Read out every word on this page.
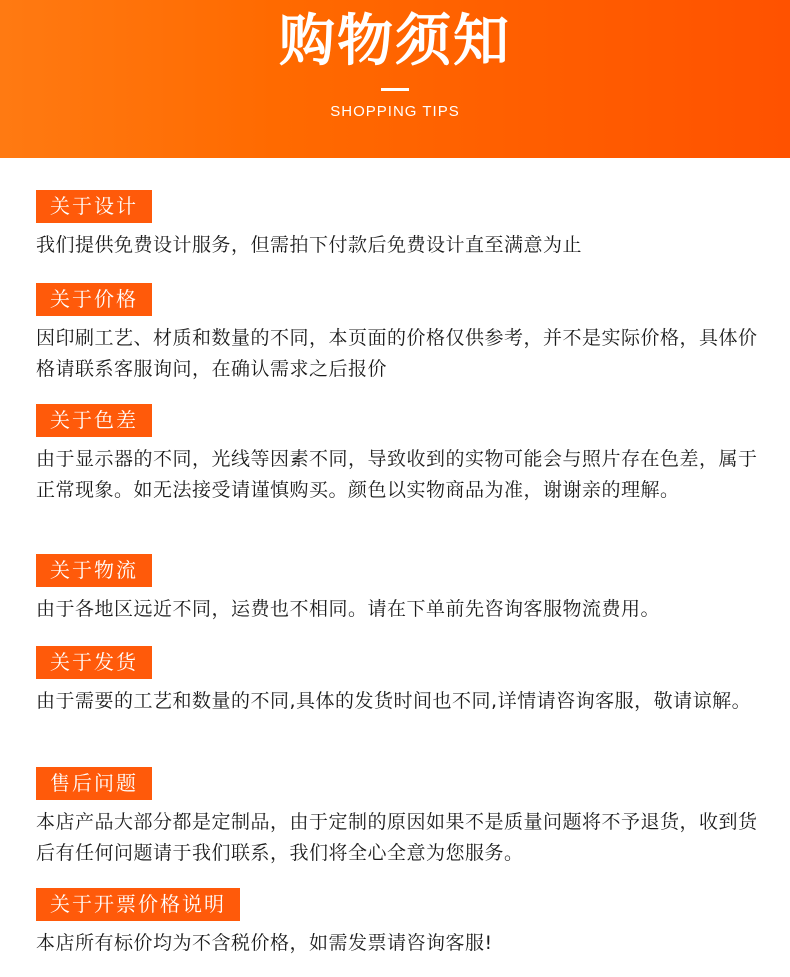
购物须知
SHOPPING TIPS
关于设计
我们提供免费设计服务，但需拍下付款后免费设计直至满意为止
关于价格
因印刷工艺、材质和数量的不同，本页面的价格仅供参考，并不是实际价格，具体价格请联系客服询问，在确认需求之后报价
关于色差
由于显示器的不同，光线等因素不同，导致收到的实物可能会与照片存在色差，属于正常现象。如无法接受请谨慎购买。颜色以实物商品为准，谢谢亲的理解。
关于物流
由于各地区远近不同，运费也不相同。请在下单前先咨询客服物流费用。
关于发货
由于需要的工艺和数量的不同,具体的发货时间也不同,详情请咨询客服，敬请谅解。
售后问题
本店产品大部分都是定制品，由于定制的原因如果不是质量问题将不予退货，收到货后有任何问题请于我们联系，我们将全心全意为您服务。
关于开票价格说明
本店所有标价均为不含税价格，如需发票请咨询客服!
